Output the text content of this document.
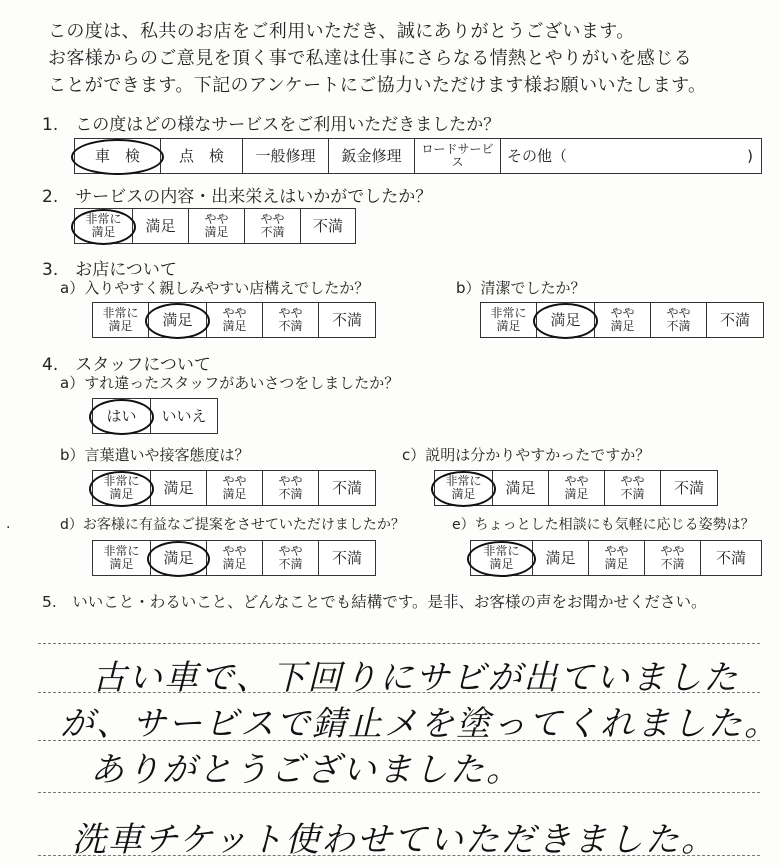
この度は、私共のお店をご利用いただき、誠にありがとうございます。
お客様からのご意見を頂く事で私達は仕事にさらなる情熱とやりがいを感じる
ことができます。下記のアンケートにご協力いただけます様お願いいたします。
1.　この度はどの様なサービスをご利用いただきましたか？
車　検	点　検 一般修理 鈑金修理	ロードサービス	その他（	)
2.　サービスの内容・出来栄えはいかがでしたか？
非常に
満足	満足 やや
満足
やや
不満 不満
3.　お店について
a）入りやすく親しみやすい店構えでしたか？
非常に
満足	満足 やや
満足
やや
不満 不満
b）清潔でしたか？
非常に
満足	満足 やや
満足
やや
不満 不満
4.　スタッフについて
a）すれ違ったスタッフがあいさつをしましたか？
はい いいえ
b）言葉遣いや接客態度は？
非常に
満足	満足 やや
満足
やや
不満 不満
c）説明は分かりやすかったですか？
非常に
満足	満足 やや
満足
やや
不満 不満
d）お客様に有益なご提案をさせていただけましたか？
非常に
満足	満足 やや
満足
やや
不満 不満
e）ちょっとした相談にも気軽に応じる姿勢は？
非常に
満足	満足 やや
満足
やや
不満 不満
·
5.　いいこと・わるいこと、どんなことでも結構です。是非、お客様の声をお聞かせください。
古い車で、下回りにサビが出ていました
が、サービスで錆止メを塗ってくれました。
ありがとうございました。
洗車チケット使わせていただきました。
